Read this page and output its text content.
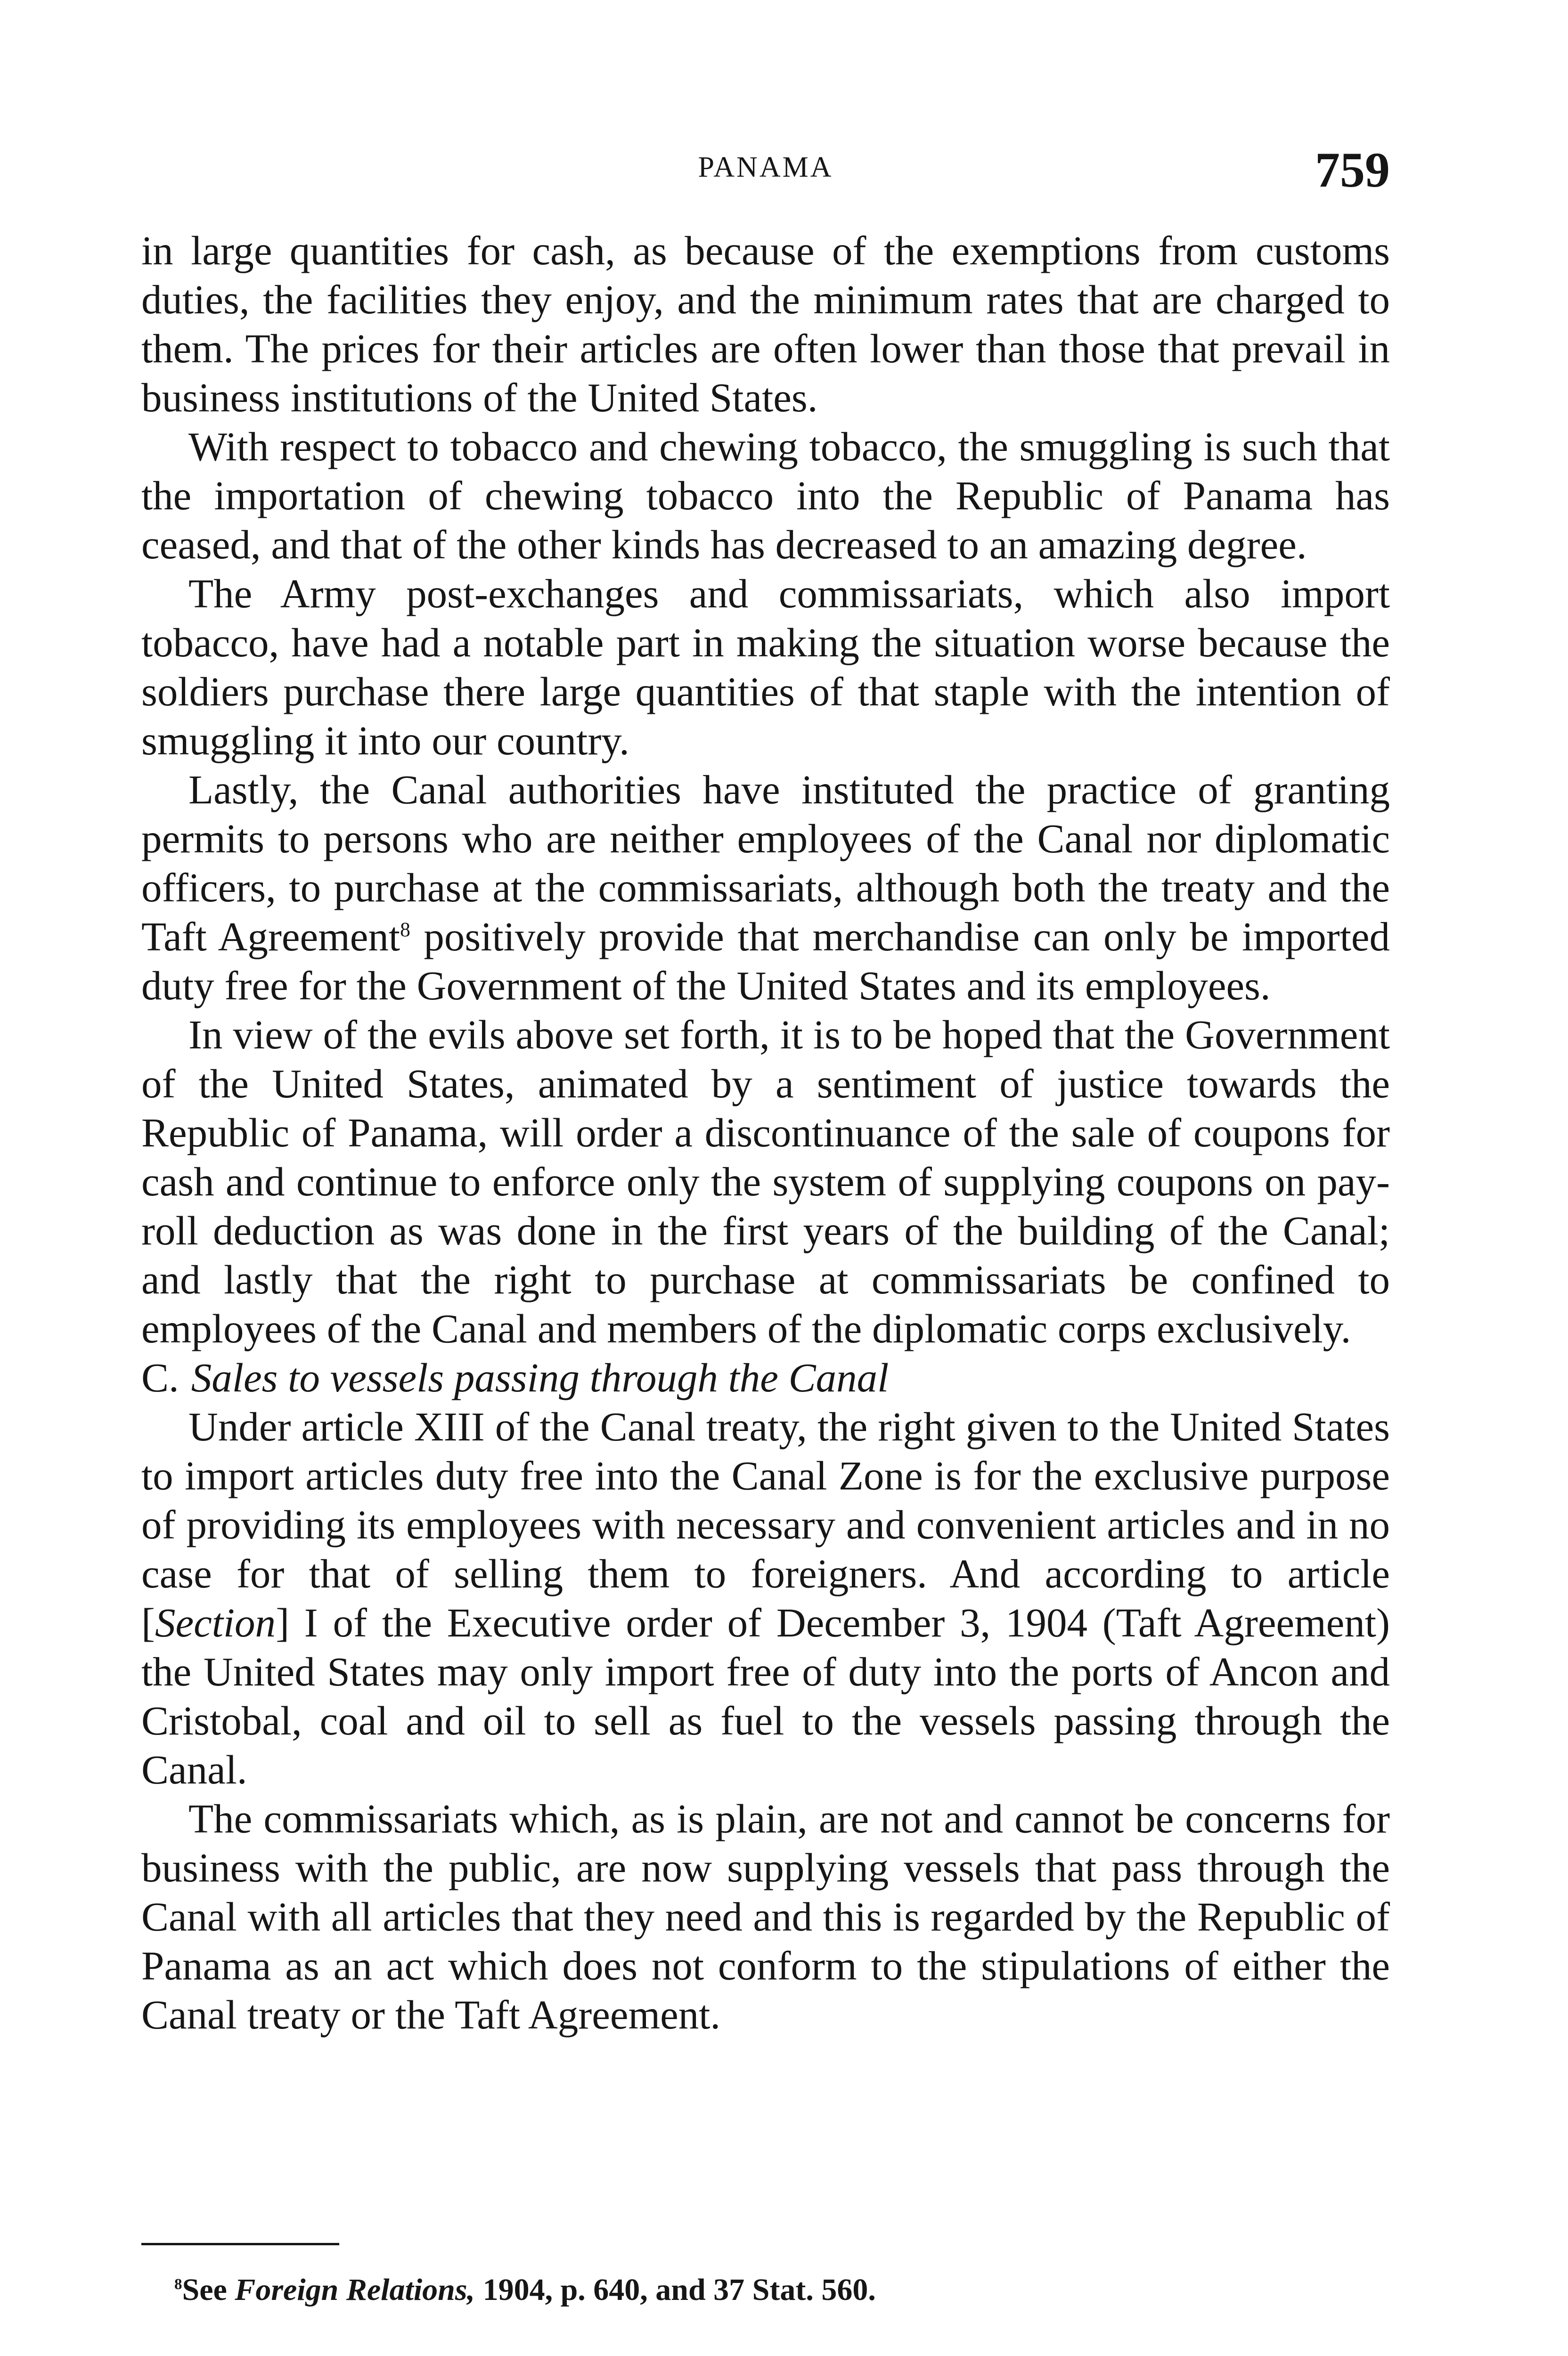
PANAMA	759

in large quantities for cash, as because of the exemptions from customs duties, the facilities they enjoy, and the minimum rates that are charged to them. The prices for their articles are often lower than those that prevail in business institutions of the United States.

With respect to tobacco and chewing tobacco, the smuggling is such that the importation of chewing tobacco into the Republic of Panama has ceased, and that of the other kinds has decreased to an amazing degree.

The Army post-exchanges and commissariats, which also import tobacco, have had a notable part in making the situation worse because the soldiers purchase there large quantities of that staple with the intention of smuggling it into our country.

Lastly, the Canal authorities have instituted the practice of granting permits to persons who are neither employees of the Canal nor diplomatic officers, to purchase at the commissariats, although both the treaty and the Taft Agreement$^8$ positively provide that merchandise can only be imported duty free for the Government of the United States and its employees.

In view of the evils above set forth, it is to be hoped that the Government of the United States, animated by a sentiment of justice towards the Republic of Panama, will order a discontinuance of the sale of coupons for cash and continue to enforce only the system of supplying coupons on pay-roll deduction as was done in the first years of the building of the Canal; and lastly that the right to purchase at commissariats be confined to employees of the Canal and members of the diplomatic corps exclusively.

C. Sales to vessels passing through the Canal

Under article XIII of the Canal treaty, the right given to the United States to import articles duty free into the Canal Zone is for the exclusive purpose of providing its employees with necessary and convenient articles and in no case for that of selling them to foreigners. And according to article [Section] I of the Executive order of December 3, 1904 (Taft Agreement) the United States may only import free of duty into the ports of Ancon and Cristobal, coal and oil to sell as fuel to the vessels passing through the Canal.

The commissariats which, as is plain, are not and cannot be concerns for business with the public, are now supplying vessels that pass through the Canal with all articles that they need and this is regarded by the Republic of Panama as an act which does not conform to the stipulations of either the Canal treaty or the Taft Agreement.

$^8$See Foreign Relations, 1904, p. 640, and 37 Stat. 560.
